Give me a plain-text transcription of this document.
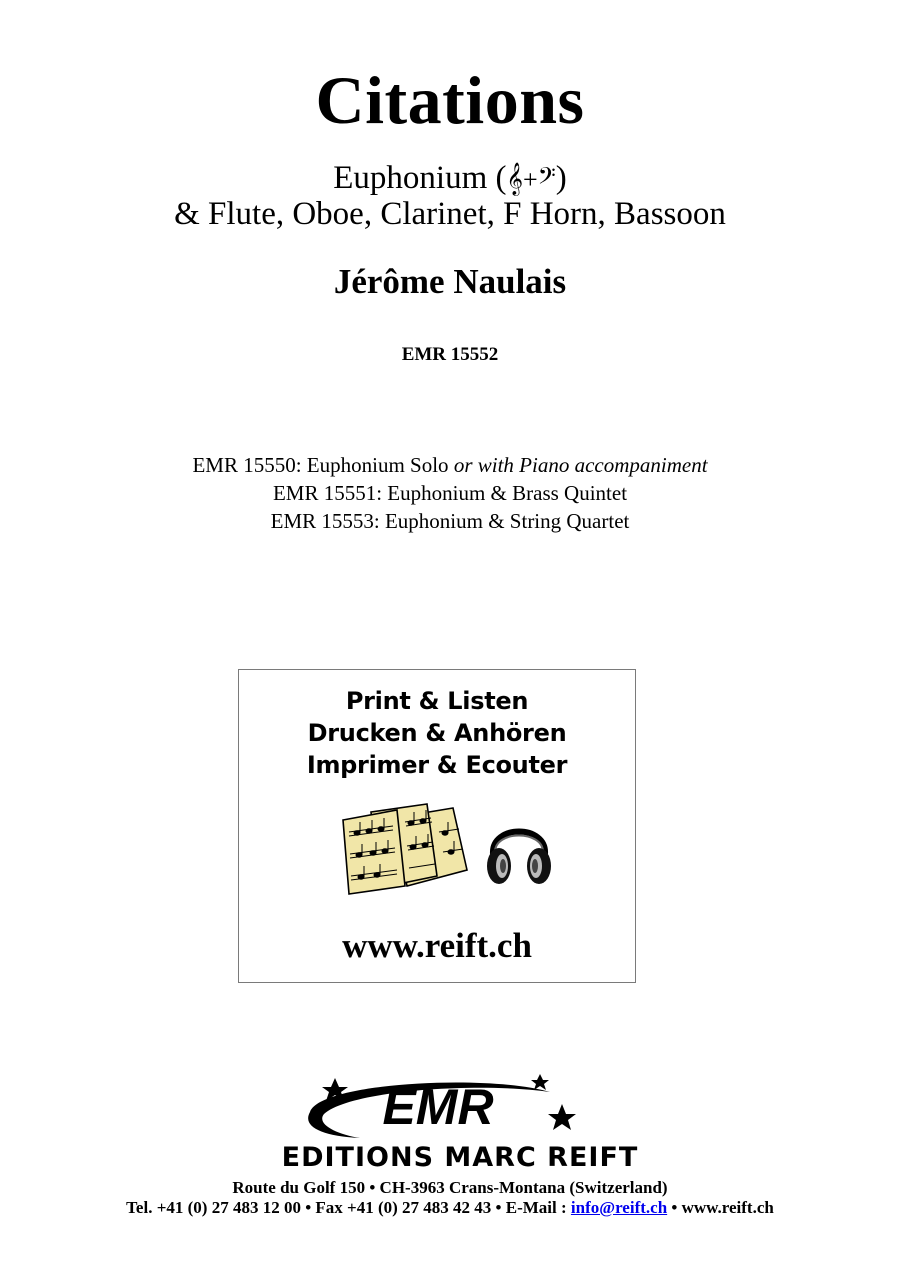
Citations
Euphonium (𝄞+𝄢)
& Flute, Oboe, Clarinet, F Horn, Bassoon
Jérôme Naulais
EMR 15552
EMR 15550: Euphonium Solo or with Piano accompaniment
EMR 15551: Euphonium & Brass Quintet
EMR 15553: Euphonium & String Quartet
Print & Listen
Drucken & Anhören
Imprimer & Ecouter
www.reift.ch
EMR
EDITIONS MARC REIFT
Route du Golf 150 • CH-3963 Crans-Montana (Switzerland)
Tel. +41 (0) 27 483 12 00 • Fax +41 (0) 27 483 42 43 • E-Mail : info@reift.ch • www.reift.ch
